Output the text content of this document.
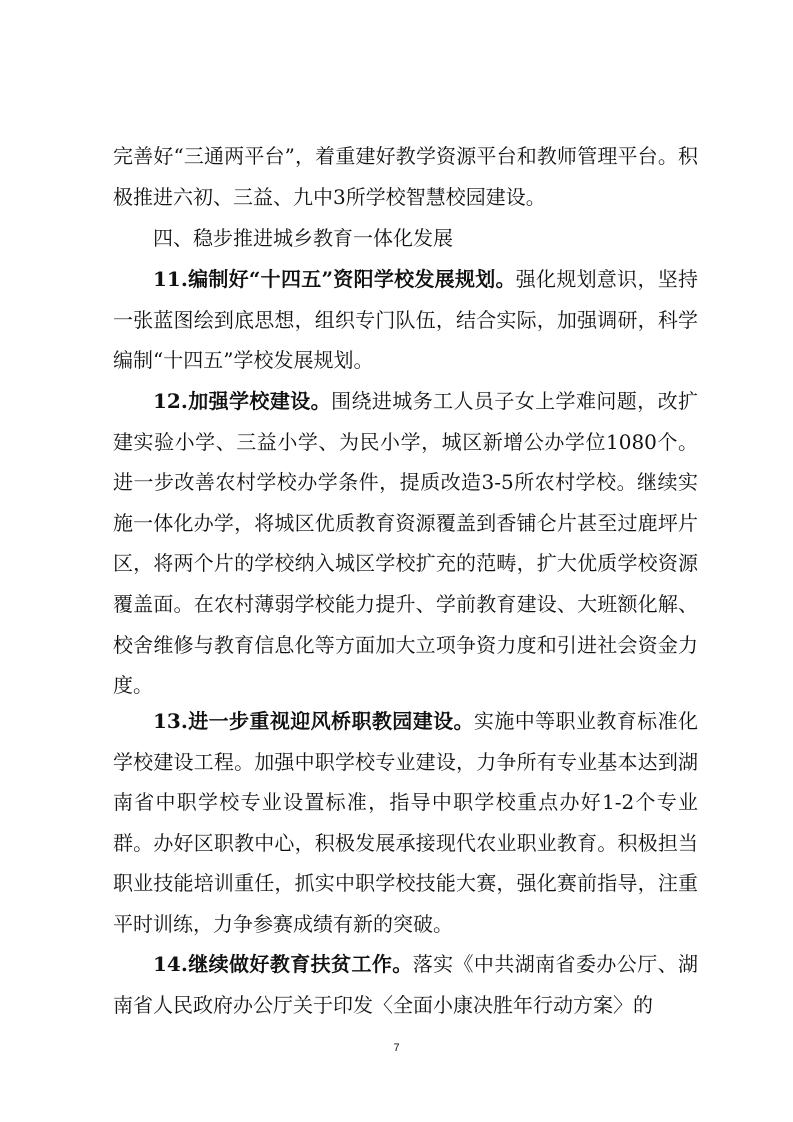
完善好“三通两平台”，着重建好教学资源平台和教师管理平台。积极推进六初、三益、九中3所学校智慧校园建设。

四、稳步推进城乡教育一体化发展

11.编制好“十四五”资阳学校发展规划。强化规划意识，坚持一张蓝图绘到底思想，组织专门队伍，结合实际，加强调研，科学编制“十四五”学校发展规划。

12.加强学校建设。围绕进城务工人员子女上学难问题，改扩建实验小学、三益小学、为民小学，城区新增公办学位1080个。进一步改善农村学校办学条件，提质改造3-5所农村学校。继续实施一体化办学，将城区优质教育资源覆盖到香铺仑片甚至过鹿坪片区，将两个片的学校纳入城区学校扩充的范畴，扩大优质学校资源覆盖面。在农村薄弱学校能力提升、学前教育建设、大班额化解、校舍维修与教育信息化等方面加大立项争资力度和引进社会资金力度。

13.进一步重视迎风桥职教园建设。实施中等职业教育标准化学校建设工程。加强中职学校专业建设，力争所有专业基本达到湖南省中职学校专业设置标准，指导中职学校重点办好1-2个专业群。办好区职教中心，积极发展承接现代农业职业教育。积极担当职业技能培训重任，抓实中职学校技能大赛，强化赛前指导，注重平时训练，力争参赛成绩有新的突破。

14.继续做好教育扶贫工作。落实《中共湖南省委办公厅、湖南省人民政府办公厅关于印发〈全面小康决胜年行动方案〉的

7
